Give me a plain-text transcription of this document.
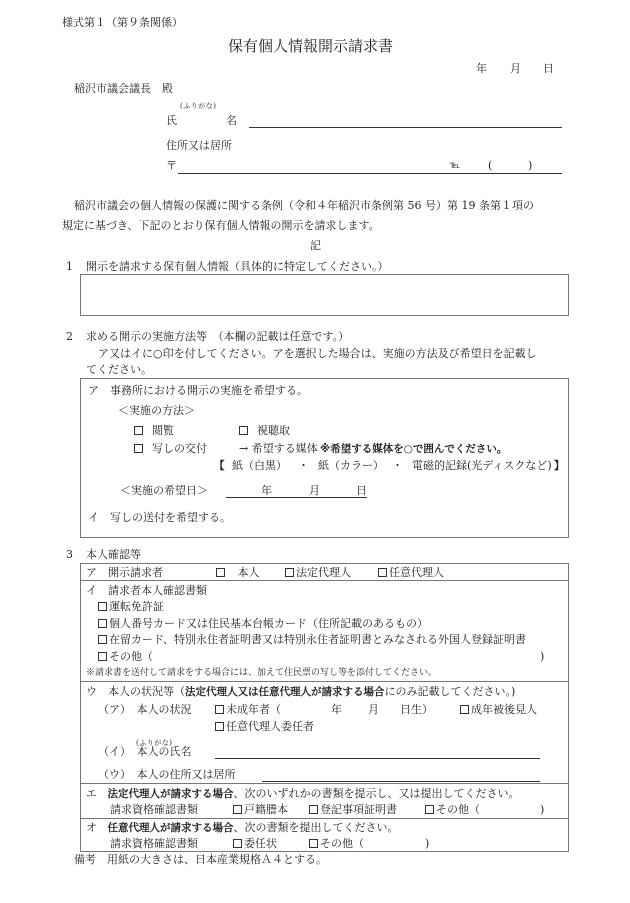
様式第１（第９条関係）
保有個人情報開示請求書
年 月 日
稲沢市議会議長　殿
(ふりがな)
氏	名
住所又は居所
〒	℡	(	)
稲沢市議会の個人情報の保護に関する条例（令和４年稲沢市条例第 56 号）第 19 条第１項の
規定に基づき、下記のとおり保有個人情報の開示を請求します。
記
1 開示を請求する保有個人情報（具体的に特定してください。）
2 求める開示の実施方法等　（本欄の記載は任意です。）
ア又はイに○印を付してください。アを選択した場合は、実施の方法及び希望日を記載し
てください。
ア　事務所における開示の実施を希望する。
＜実施の方法＞
閲覧	視聴取
写しの交付	→ 希望する媒体 ※希望する媒体を○で囲んでください。
【 紙（白黒） ・ 紙（カラー） ・ 電磁的記録(光ディスクなど) 】
＜実施の希望日＞	年	月	日
イ　写しの送付を希望する。
3 本人確認等
ア　開示請求者	本人	法定代理人	任意代理人
イ　請求者本人確認書類
運転免許証
個人番号カード又は住民基本台帳カード（住所記載のあるもの）
在留カード、特別永住者証明書又は特別永住者証明書とみなされる外国人登録証明書
その他（	)
※請求書を送付して請求をする場合には、加えて住民票の写し等を添付してください。
ウ　本人の状況等（法定代理人又は任意代理人が請求する場合にのみ記載してください。)
（ア）　本人の状況	未成年者（	年 月 日生）	成年被後見人
任意代理人委任者
(ふりがな)
（イ）　本人の氏名
（ウ）　本人の住所又は居所
エ 法定代理人が請求する場合、次のいずれかの書類を提示し、又は提出してください。
請求資格確認書類	戸籍謄本	登記事項証明書	その他（	)
オ 任意代理人が請求する場合、次の書類を提出してください。
請求資格確認書類	委任状	その他（	)
備考　用紙の大きさは、日本産業規格Ａ４とする。
